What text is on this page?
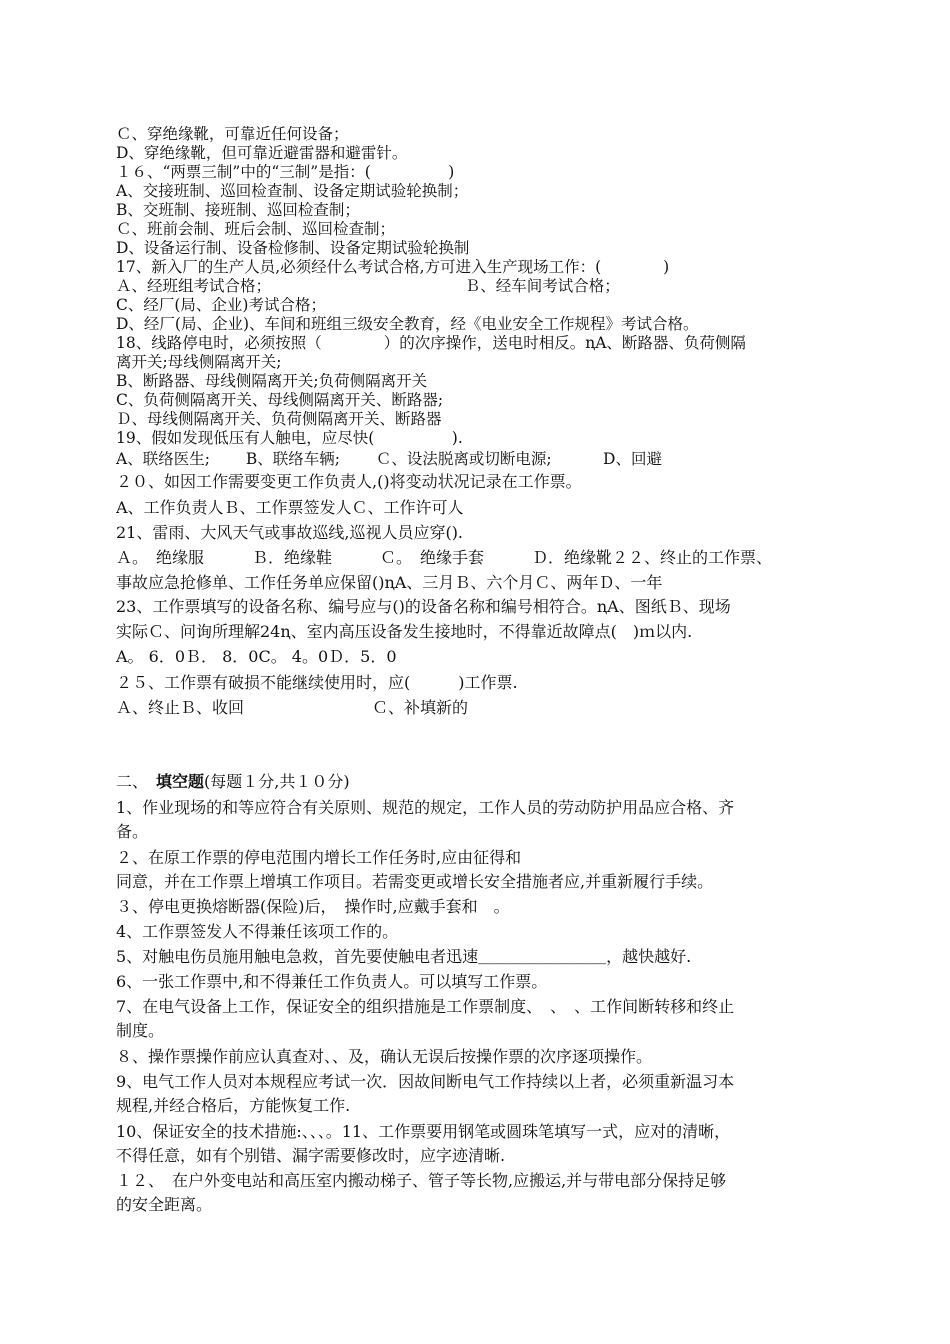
Ｃ、穿绝缘靴，可靠近任何设备；
D、穿绝缘靴，但可靠近避雷器和避雷针。
１６、“两票三制”中的“三制”是指：(　　　　　)
A、交接班制、巡回检查制、设备定期试验轮换制；
B、交班制、接班制、巡回检查制；
Ｃ、班前会制、班后会制、巡回检查制；
D、设备运行制、设备检修制、设备定期试验轮换制
17、新入厂的生产人员,必须经什么考试合格,方可进入生产现场工作：(　　　　)
Ａ、经班组考试合格；　　　　　　　　　　　　　Ｂ、经车间考试合格；
C、经厂(局、企业)考试合格；
D、经厂(局、企业)、车间和班组三级安全教育，经《电业安全工作规程》考试合格。
18、线路停电时，必须按照（　　　　）的次序操作，送电时相反。ꞑA、断路器、负荷侧隔
离开关;母线侧隔离开关;
B、断路器、母线侧隔离开关;负荷侧隔离开关
C、负荷侧隔离开关、母线侧隔离开关、断路器;
Ｄ、母线侧隔离开关、负荷侧隔离开关、断路器
19、假如发现低压有人触电，应尽快(　　　　　).
A、联络医生;　　 B、联络车辆;　　 Ｃ、设法脱离或切断电源;　　　 D、回避
２０、如因工作需要变更工作负责人,()将变动状况记录在工作票。
A、工作负责人Ｂ、工作票签发人Ｃ、工作许可人
21、雷雨、大风天气或事故巡线,巡视人员应穿().
Ａ。　绝缘服　　　Ｂ．绝缘鞋　　　Ｃ。　绝缘手套　　　Ｄ．绝缘靴２２、终止的工作票、
事故应急抢修单、工作任务单应保留()ꞑA、三月Ｂ、六个月Ｃ、两年Ｄ、一年
23、工作票填写的设备名称、编号应与()的设备名称和编号相符合。ꞑA、图纸Ｂ、现场
实际Ｃ、问询所理解24ꞑ、室内高压设备发生接地时，不得靠近故障点(　)ｍ以内.
A。 6．0Ｂ． 8．0C。 4。0Ｄ．5．0
２５、工作票有破损不能继续使用时，应(　　　)工作票.
Ａ、终止Ｂ、收回　　　　　　　　Ｃ、补填新的
二、　填空题(每题１分,共１０分)
1、作业现场的和等应符合有关原则、规范的规定，工作人员的劳动防护用品应合格、齐
备。
２、在原工作票的停电范围内增长工作任务时,应由征得和
同意，并在工作票上增填工作项目。若需变更或增长安全措施者应,并重新履行手续。
３、停电更换熔断器(保险)后，　操作时,应戴手套和　。
4、工作票签发人不得兼任该项工作的。
5、对触电伤员施用触电急救，首先要使触电者迅速＿＿＿＿＿＿＿＿，越快越好.
6、一张工作票中,和不得兼任工作负责人。可以填写工作票。
7、在电气设备上工作，保证安全的组织措施是工作票制度、　、　、工作间断转移和终止
制度。
８、操作票操作前应认真查对、、及，确认无误后按操作票的次序逐项操作。
9、电气工作人员对本规程应考试一次．因故间断电气工作持续以上者，必须重新温习本
规程,并经合格后，方能恢复工作.
10、保证安全的技术措施:、、、。11、工作票要用钢笔或圆珠笔填写一式，应对的清晰，
不得任意，如有个别错、漏字需要修改时，应字迹清晰.
１２、　在户外变电站和高压室内搬动梯子、管子等长物,应搬运,并与带电部分保持足够
的安全距离。
